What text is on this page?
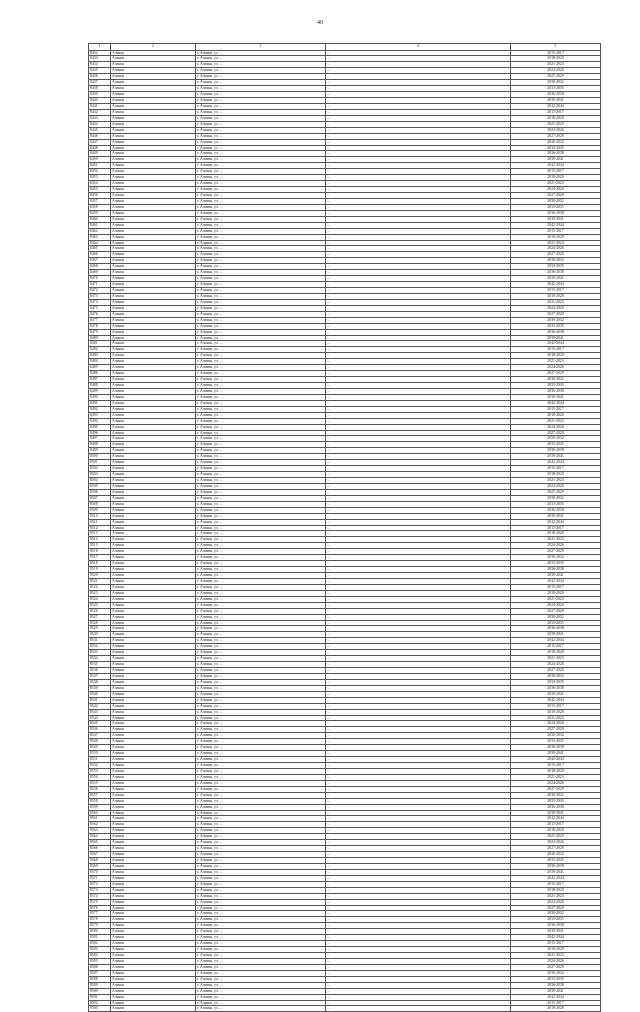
40
1	2	3	4	5
8432	Ачинск	г. Ачинск, ул. ...	...	2015-2017
8433	Ачинск	г. Ачинск, ул. ...	...	2018-2020
8434	Ачинск	г. Ачинск, ул. ...	...	2021-2023
8435	Ачинск	г. Ачинск, ул. ...	...	2024-2026
8436	Ачинск	г. Ачинск, ул. ...	...	2027-2029
8437	Ачинск	г. Ачинск, ул. ...	...	2030-2032
8438	Ачинск	г. Ачинск, ул. ...	...	2033-2035
8439	Ачинск	г. Ачинск, ул. ...	...	2036-2038
8440	Ачинск	г. Ачинск, ул. ...	...	2039-2041
8441	Ачинск	г. Ачинск, ул. ...	...	2042-2044
8442	Ачинск	г. Ачинск, ул. ...	...	2015-2017
8443	Ачинск	г. Ачинск, ул. ...	...	2018-2020
8444	Ачинск	г. Ачинск, ул. ...	...	2021-2023
8445	Ачинск	г. Ачинск, ул. ...	...	2024-2026
8446	Ачинск	г. Ачинск, ул. ...	...	2027-2029
8447	Ачинск	г. Ачинск, ул. ...	...	2030-2032
8448	Ачинск	г. Ачинск, ул. ...	...	2033-2035
8449	Ачинск	г. Ачинск, ул. ...	...	2036-2038
8450	Ачинск	г. Ачинск, ул. ...	...	2039-2041
8451	Ачинск	г. Ачинск, ул. ...	...	2042-2044
8452	Ачинск	г. Ачинск, ул. ...	...	2015-2017
8453	Ачинск	г. Ачинск, ул. ...	...	2018-2020
8454	Ачинск	г. Ачинск, ул. ...	...	2021-2023
8455	Ачинск	г. Ачинск, ул. ...	...	2024-2026
8456	Ачинск	г. Ачинск, ул. ...	...	2027-2029
8457	Ачинск	г. Ачинск, ул. ...	...	2030-2032
8458	Ачинск	г. Ачинск, ул. ...	...	2033-2035
8459	Ачинск	г. Ачинск, ул. ...	...	2036-2038
8460	Ачинск	г. Ачинск, ул. ...	...	2039-2041
8461	Ачинск	г. Ачинск, ул. ...	...	2042-2044
8462	Ачинск	г. Ачинск, ул. ...	...	2015-2017
8463	Ачинск	г. Ачинск, ул. ...	...	2018-2020
8464	Ачинск	г. Ачинск, ул. ...	...	2021-2023
8465	Ачинск	г. Ачинск, ул. ...	...	2024-2026
8466	Ачинск	г. Ачинск, ул. ...	...	2027-2029
8467	Ачинск	г. Ачинск, ул. ...	...	2030-2032
8468	Ачинск	г. Ачинск, ул. ...	...	2033-2035
8469	Ачинск	г. Ачинск, ул. ...	...	2036-2038
8470	Ачинск	г. Ачинск, ул. ...	...	2039-2041
8471	Ачинск	г. Ачинск, ул. ...	...	2042-2044
8472	Ачинск	г. Ачинск, ул. ...	...	2015-2017
8473	Ачинск	г. Ачинск, ул. ...	...	2018-2020
8474	Ачинск	г. Ачинск, ул. ...	...	2021-2023
8475	Ачинск	г. Ачинск, ул. ...	...	2024-2026
8476	Ачинск	г. Ачинск, ул. ...	...	2027-2029
8477	Ачинск	г. Ачинск, ул. ...	...	2030-2032
8478	Ачинск	г. Ачинск, ул. ...	...	2033-2035
8479	Ачинск	г. Ачинск, ул. ...	...	2036-2038
8480	Ачинск	г. Ачинск, ул. ...	...	2039-2041
8481	Ачинск	г. Ачинск, ул. ...	...	2042-2044
8482	Ачинск	г. Ачинск, ул. ...	...	2015-2017
8483	Ачинск	г. Ачинск, ул. ...	...	2018-2020
8484	Ачинск	г. Ачинск, ул. ...	...	2021-2023
8485	Ачинск	г. Ачинск, ул. ...	...	2024-2026
8486	Ачинск	г. Ачинск, ул. ...	...	2027-2029
8487	Ачинск	г. Ачинск, ул. ...	...	2030-2032
8488	Ачинск	г. Ачинск, ул. ...	...	2033-2035
8489	Ачинск	г. Ачинск, ул. ...	...	2036-2038
8490	Ачинск	г. Ачинск, ул. ...	...	2039-2041
8491	Ачинск	г. Ачинск, ул. ...	...	2042-2044
8492	Ачинск	г. Ачинск, ул. ...	...	2015-2017
8493	Ачинск	г. Ачинск, ул. ...	...	2018-2020
8494	Ачинск	г. Ачинск, ул. ...	...	2021-2023
8495	Ачинск	г. Ачинск, ул. ...	...	2024-2026
8496	Ачинск	г. Ачинск, ул. ...	...	2027-2029
8497	Ачинск	г. Ачинск, ул. ...	...	2030-2032
8498	Ачинск	г. Ачинск, ул. ...	...	2033-2035
8499	Ачинск	г. Ачинск, ул. ...	...	2036-2038
8500	Ачинск	г. Ачинск, ул. ...	...	2039-2041
8501	Ачинск	г. Ачинск, ул. ...	...	2042-2044
8502	Ачинск	г. Ачинск, ул. ...	...	2015-2017
8503	Ачинск	г. Ачинск, ул. ...	...	2018-2020
8504	Ачинск	г. Ачинск, ул. ...	...	2021-2023
8505	Ачинск	г. Ачинск, ул. ...	...	2024-2026
8506	Ачинск	г. Ачинск, ул. ...	...	2027-2029
8507	Ачинск	г. Ачинск, ул. ...	...	2030-2032
8508	Ачинск	г. Ачинск, ул. ...	...	2033-2035
8509	Ачинск	г. Ачинск, ул. ...	...	2036-2038
8510	Ачинск	г. Ачинск, ул. ...	...	2039-2041
8511	Ачинск	г. Ачинск, ул. ...	...	2042-2044
8512	Ачинск	г. Ачинск, ул. ...	...	2015-2017
8513	Ачинск	г. Ачинск, ул. ...	...	2018-2020
8514	Ачинск	г. Ачинск, ул. ...	...	2021-2023
8515	Ачинск	г. Ачинск, ул. ...	...	2024-2026
8516	Ачинск	г. Ачинск, ул. ...	...	2027-2029
8517	Ачинск	г. Ачинск, ул. ...	...	2030-2032
8518	Ачинск	г. Ачинск, ул. ...	...	2033-2035
8519	Ачинск	г. Ачинск, ул. ...	...	2036-2038
8520	Ачинск	г. Ачинск, ул. ...	...	2039-2041
8521	Ачинск	г. Ачинск, ул. ...	...	2042-2044
8522	Ачинск	г. Ачинск, ул. ...	...	2015-2017
8523	Ачинск	г. Ачинск, ул. ...	...	2018-2020
8524	Ачинск	г. Ачинск, ул. ...	...	2021-2023
8525	Ачинск	г. Ачинск, ул. ...	...	2024-2026
8526	Ачинск	г. Ачинск, ул. ...	...	2027-2029
8527	Ачинск	г. Ачинск, ул. ...	...	2030-2032
8528	Ачинск	г. Ачинск, ул. ...	...	2033-2035
8529	Ачинск	г. Ачинск, ул. ...	...	2036-2038
8530	Ачинск	г. Ачинск, ул. ...	...	2039-2041
8531	Ачинск	г. Ачинск, ул. ...	...	2042-2044
8532	Ачинск	г. Ачинск, ул. ...	...	2015-2017
8533	Ачинск	г. Ачинск, ул. ...	...	2018-2020
8534	Ачинск	г. Ачинск, ул. ...	...	2021-2023
8535	Ачинск	г. Ачинск, ул. ...	...	2024-2026
8536	Ачинск	г. Ачинск, ул. ...	...	2027-2029
8537	Ачинск	г. Ачинск, ул. ...	...	2030-2032
8538	Ачинск	г. Ачинск, ул. ...	...	2033-2035
8539	Ачинск	г. Ачинск, ул. ...	...	2036-2038
8540	Ачинск	г. Ачинск, ул. ...	...	2039-2041
8541	Ачинск	г. Ачинск, ул. ...	...	2042-2044
8542	Ачинск	г. Ачинск, ул. ...	...	2015-2017
8543	Ачинск	г. Ачинск, ул. ...	...	2018-2020
8544	Ачинск	г. Ачинск, ул. ...	...	2021-2023
8545	Ачинск	г. Ачинск, ул. ...	...	2024-2026
8546	Ачинск	г. Ачинск, ул. ...	...	2027-2029
8547	Ачинск	г. Ачинск, ул. ...	...	2030-2032
8548	Ачинск	г. Ачинск, ул. ...	...	2033-2035
8549	Ачинск	г. Ачинск, ул. ...	...	2036-2038
8550	Ачинск	г. Ачинск, ул. ...	...	2039-2041
8551	Ачинск	г. Ачинск, ул. ...	...	2042-2044
8552	Ачинск	г. Ачинск, ул. ...	...	2015-2017
8553	Ачинск	г. Ачинск, ул. ...	...	2018-2020
8554	Ачинск	г. Ачинск, ул. ...	...	2021-2023
8555	Ачинск	г. Ачинск, ул. ...	...	2024-2026
8556	Ачинск	г. Ачинск, ул. ...	...	2027-2029
8557	Ачинск	г. Ачинск, ул. ...	...	2030-2032
8558	Ачинск	г. Ачинск, ул. ...	...	2033-2035
8559	Ачинск	г. Ачинск, ул. ...	...	2036-2038
8560	Ачинск	г. Ачинск, ул. ...	...	2039-2041
8561	Ачинск	г. Ачинск, ул. ...	...	2042-2044
8562	Ачинск	г. Ачинск, ул. ...	...	2015-2017
8563	Ачинск	г. Ачинск, ул. ...	...	2018-2020
8564	Ачинск	г. Ачинск, ул. ...	...	2021-2023
8565	Ачинск	г. Ачинск, ул. ...	...	2024-2026
8566	Ачинск	г. Ачинск, ул. ...	...	2027-2029
8567	Ачинск	г. Ачинск, ул. ...	...	2030-2032
8568	Ачинск	г. Ачинск, ул. ...	...	2033-2035
8569	Ачинск	г. Ачинск, ул. ...	...	2036-2038
8570	Ачинск	г. Ачинск, ул. ...	...	2039-2041
8571	Ачинск	г. Ачинск, ул. ...	...	2042-2044
8572	Ачинск	г. Ачинск, ул. ...	...	2015-2017
8573	Ачинск	г. Ачинск, ул. ...	...	2018-2020
8574	Ачинск	г. Ачинск, ул. ...	...	2021-2023
8575	Ачинск	г. Ачинск, ул. ...	...	2024-2026
8576	Ачинск	г. Ачинск, ул. ...	...	2027-2029
8577	Ачинск	г. Ачинск, ул. ...	...	2030-2032
8578	Ачинск	г. Ачинск, ул. ...	...	2033-2035
8579	Ачинск	г. Ачинск, ул. ...	...	2036-2038
8580	Ачинск	г. Ачинск, ул. ...	...	2039-2041
8581	Ачинск	г. Ачинск, ул. ...	...	2042-2044
8582	Ачинск	г. Ачинск, ул. ...	...	2015-2017
8583	Ачинск	г. Ачинск, ул. ...	...	2018-2020
8584	Ачинск	г. Ачинск, ул. ...	...	2021-2023
8585	Ачинск	г. Ачинск, ул. ...	...	2024-2026
8586	Ачинск	г. Ачинск, ул. ...	...	2027-2029
8587	Ачинск	г. Ачинск, ул. ...	...	2030-2032
8588	Ачинск	г. Ачинск, ул. ...	...	2033-2035
8589	Ачинск	г. Ачинск, ул. ...	...	2036-2038
8590	Ачинск	г. Ачинск, ул. ...	...	2039-2041
8591	Ачинск	г. Ачинск, ул. ...	...	2042-2044
8592	Ачинск	г. Ачинск, ул. ...	...	2015-2017
8593	Ачинск	г. Ачинск, ул. ...	...	2018-2020
